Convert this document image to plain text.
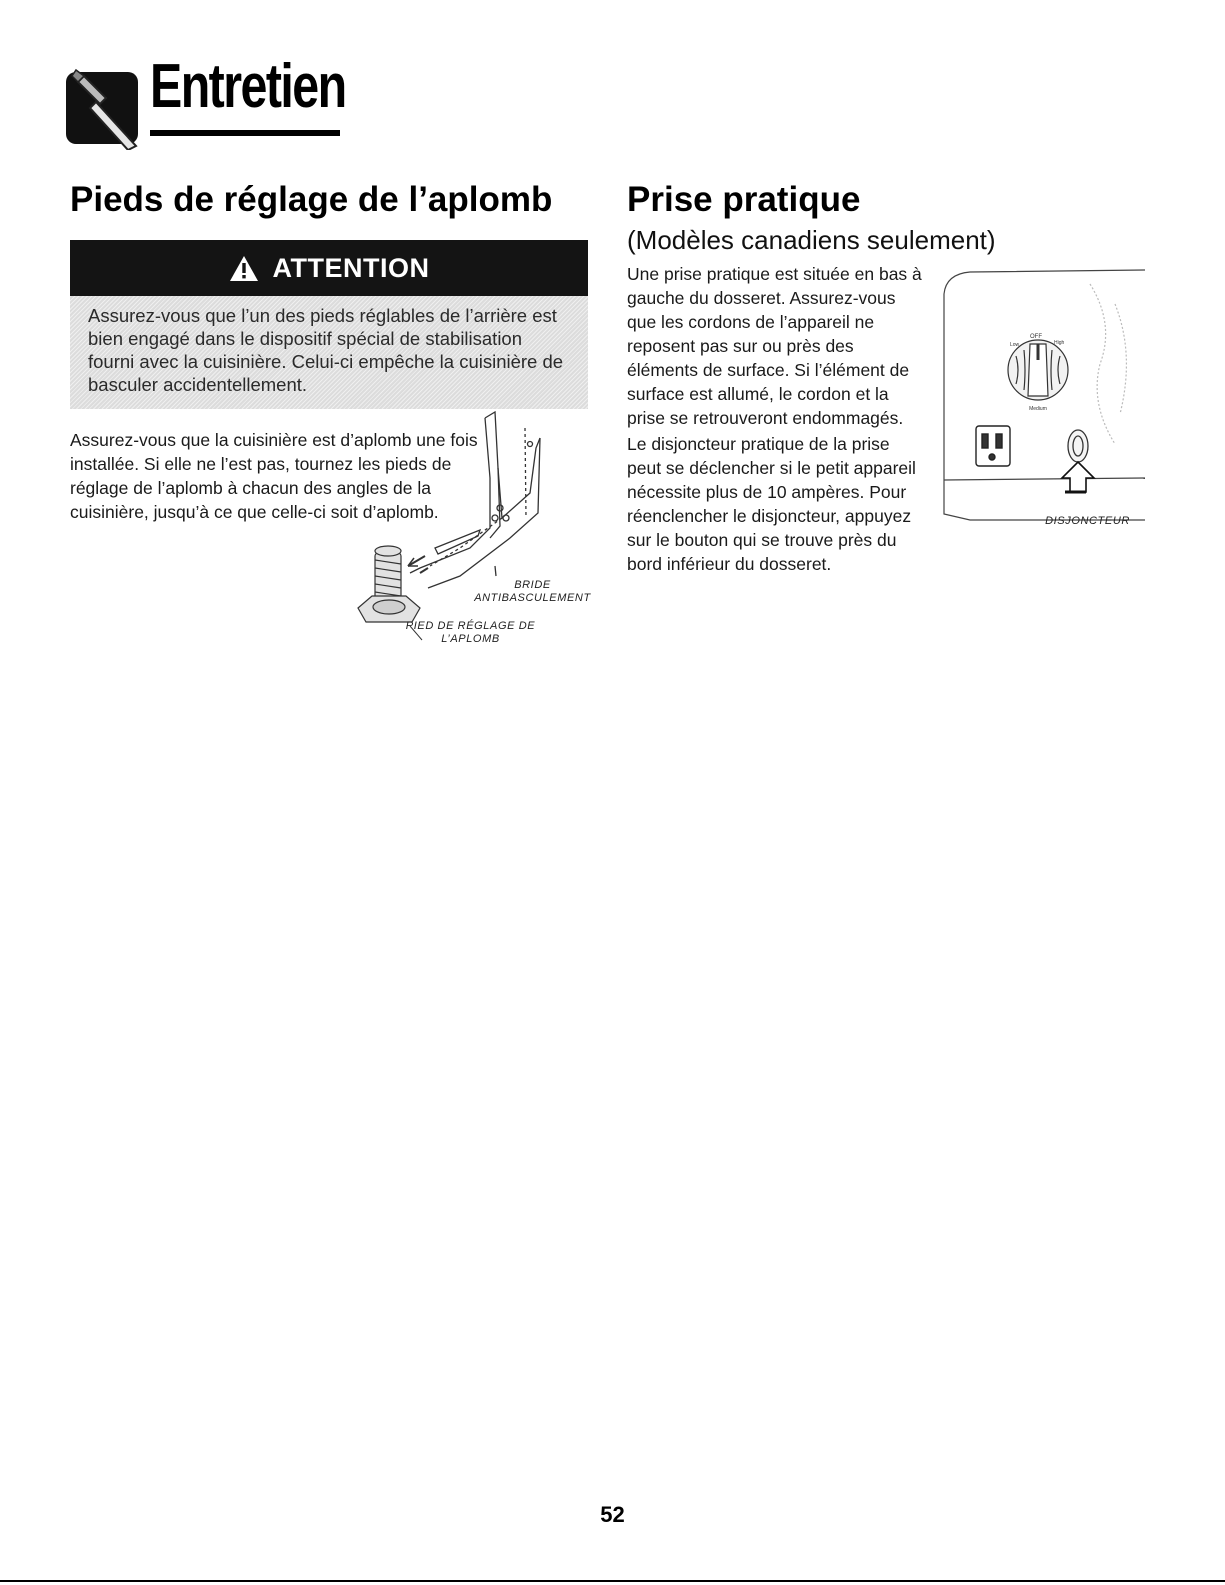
Entretien
Pieds de réglage de l’aplomb
ATTENTION
Assurez-vous que l’un des pieds réglables de l’arrière est bien engagé dans le dispositif spécial de stabilisation fourni avec la cuisinière. Celui-ci empêche la cuisinière de basculer accidentellement.
Assurez-vous que la cuisinière est d’aplomb une fois installée. Si elle ne l’est pas, tournez les pieds de réglage de l’aplomb à chacun des angles de la cuisinière, jusqu’à ce que celle-ci soit d’aplomb.
BRIDE ANTIBASCULEMENT
PIED DE RÉGLAGE DE L’APLOMB
Prise pratique
(Modèles canadiens seulement)
Une prise pratique est située en bas à gauche du dosseret. Assurez-vous que les cordons de l’appareil ne reposent pas sur ou près des éléments de surface. Si l’élément de surface est allumé, le cordon et la prise se retrouveront endommagés.
Le disjoncteur pratique de la prise peut se déclencher si le petit appareil nécessite plus de 10 ampères. Pour réenclencher le disjoncteur, appuyez sur le bouton qui se trouve près du bord inférieur du dosseret.
OFF
Low	High
Medium
DISJONCTEUR
52
